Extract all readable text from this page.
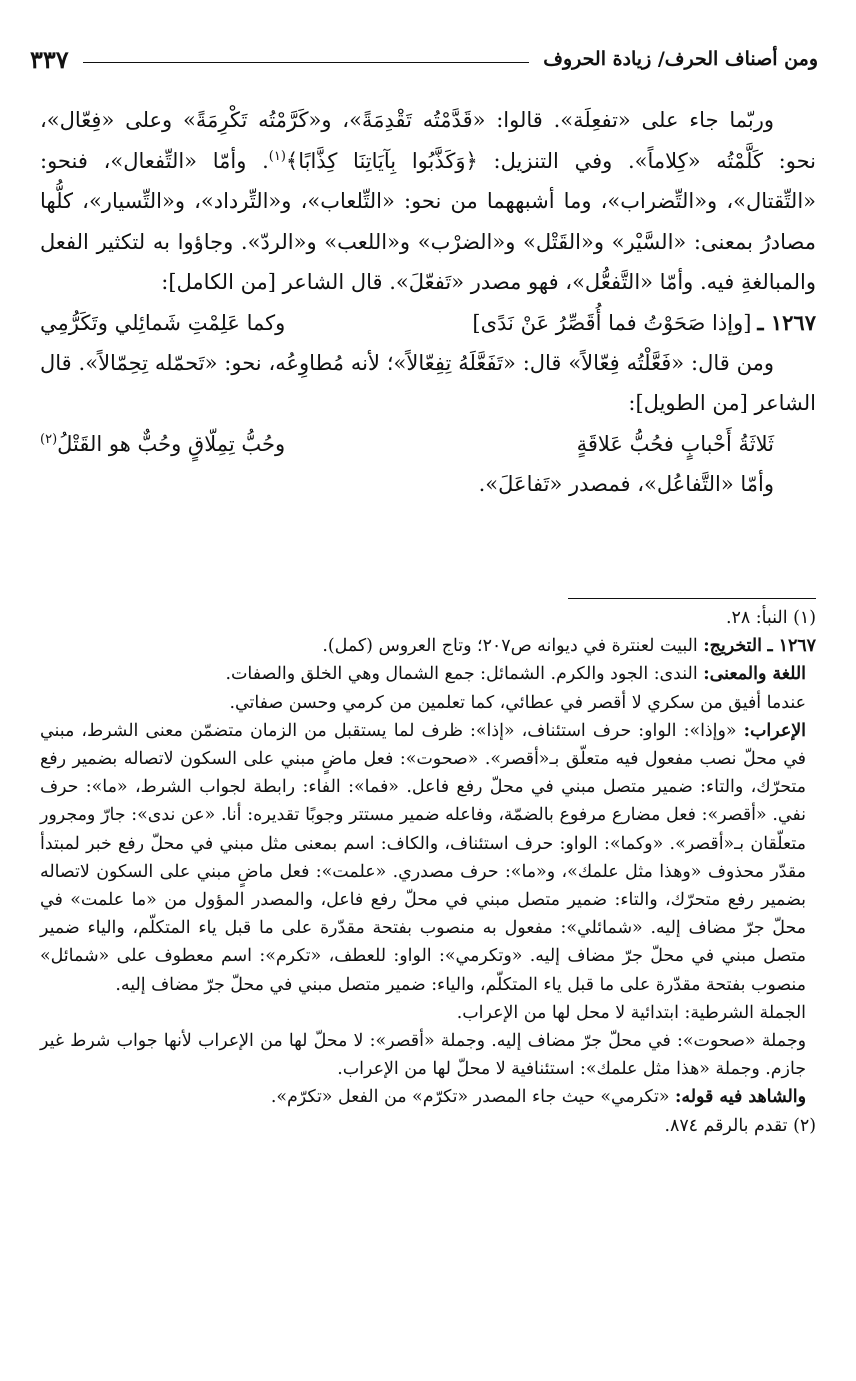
ومن أصناف الحرف/ زيادة الحروف
٣٣٧

وربّما جاء على «تفعِلَة». قالوا: «قَدَّمْتُه تَقْدِمَةً»، و«كَرَّمْتُه تَكْرِمَةً» وعلى «فِعّال»، نحو: كَلَّمْتُه «كِلاماً». وفي التنزيل: ﴿وَكَذَّبُوا بِآيَاتِنَا كِذَّابًا﴾$^{(١)}$. وأمّا «التِّفعال»، فنحو: «التِّقتال»، و«التِّضراب»، وما أشبههما من نحو: «التِّلعاب»، و«التِّرداد»، و«التِّسيار»، كلُّها مصادرُ بمعنى: «السَّيْر» و«القَتْل» و«الضرْب» و«اللعب» و«الردّ». وجاؤوا به لتكثير الفعل والمبالغةِ فيه. وأمّا «التَّفعُّل»، فهو مصدر «تَفعّلَ». قال الشاعر [من الكامل]:

١٢٦٧ ـ[وإذا صَحَوْتُ فما أُقَصِّرُ عَنْ نَدًى]
وكما عَلِمْتِ شَمائِلي وتَكَرُّمِي

ومن قال: «فَعَّلْتُه فِعّالاً» قال: «تَفَعَّلَهُ تِفِعّالاً»؛ لأنه مُطاوِعُه، نحو: «تَحمّله تِحِمّالاً». قال الشاعر [من الطويل]:

ثَلاثَةُ أَحْبابٍ فحُبُّ عَلاقَةٍ
وحُبُّ تِمِلّاقٍ وحُبٌّ هو القَتْلُ$^{(٢)}$

وأمّا «التَّفاعُل»، فمصدر «تَفاعَلَ».

(١) النبأ: ٢٨.

١٢٦٧ ـ التخريج: البيت لعنترة في ديوانه ص٢٠٧؛ وتاج العروس (كمل).

اللغة والمعنى: الندى: الجود والكرم. الشمائل: جمع الشمال وهي الخلق والصفات.

عندما أفيق من سكري لا أقصر في عطائي، كما تعلمين من كرمي وحسن صفاتي.

الإعراب: «وإذا»: الواو: حرف استئناف، «إذا»: ظرف لما يستقبل من الزمان متضمّن معنى الشرط، مبني في محلّ نصب مفعول فيه متعلّق بـ«أقصر». «صحوت»: فعل ماضٍ مبني على السكون لاتصاله بضمير رفع متحرّك، والتاء: ضمير متصل مبني في محلّ رفع فاعل. «فما»: الفاء: رابطة لجواب الشرط، «ما»: حرف نفي. «أقصر»: فعل مضارع مرفوع بالضمّة، وفاعله ضمير مستتر وجوبًا تقديره: أنا. «عن ندى»: جارّ ومجرور متعلّقان بـ«أقصر». «وكما»: الواو: حرف استئناف، والكاف: اسم بمعنى مثل مبني في محلّ رفع خبر لمبتدأ مقدّر محذوف «وهذا مثل علمك»، و«ما»: حرف مصدري. «علمت»: فعل ماضٍ مبني على السكون لاتصاله بضمير رفع متحرّك، والتاء: ضمير متصل مبني في محلّ رفع فاعل، والمصدر المؤول من «ما علمت» في محلّ جرّ مضاف إليه. «شمائلي»: مفعول به منصوب بفتحة مقدّرة على ما قبل ياء المتكلّم، والياء ضمير متصل مبني في محلّ جرّ مضاف إليه. «وتكرمي»: الواو: للعطف، «تكرم»: اسم معطوف على «شمائل» منصوب بفتحة مقدّرة على ما قبل ياء المتكلّم، والياء: ضمير متصل مبني في محلّ جرّ مضاف إليه.

الجملة الشرطية: ابتدائية لا محل لها من الإعراب.

وجملة «صحوت»: في محلّ جرّ مضاف إليه. وجملة «أقصر»: لا محلّ لها من الإعراب لأنها جواب شرط غير جازم. وجملة «هذا مثل علمك»: استئنافية لا محلّ لها من الإعراب.

والشاهد فيه قوله: «تكرمي» حيث جاء المصدر «تكرّم» من الفعل «تكرّم».

(٢) تقدم بالرقم ٨٧٤.
